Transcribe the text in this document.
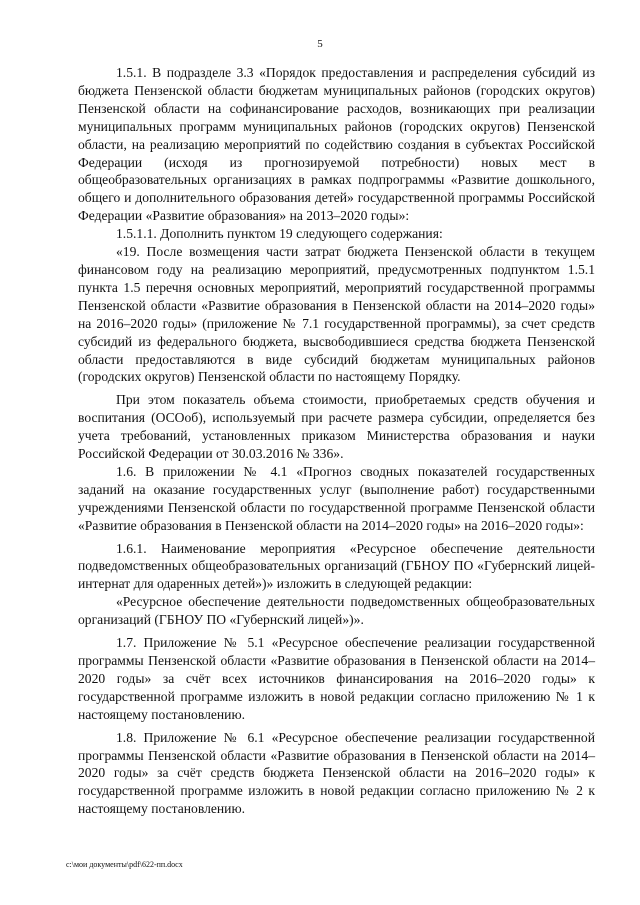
5

1.5.1. В подразделе 3.3 «Порядок предоставления и распределения субсидий из бюджета Пензенской области бюджетам муниципальных районов (городских округов) Пензенской области на софинансирование расходов, возникающих при реализации муниципальных программ муниципальных районов (городских округов) Пензенской области, на реализацию мероприятий по содействию создания в субъектах Российской Федерации (исходя из прогнозируемой потребности) новых мест в общеобразовательных организациях в рамках подпрограммы «Развитие дошкольного, общего и дополнительного образования детей» государственной программы Российской Федерации «Развитие образования» на 2013–2020 годы»:

1.5.1.1. Дополнить пунктом 19 следующего содержания:

«19. После возмещения части затрат бюджета Пензенской области в текущем финансовом году на реализацию мероприятий, предусмотренных подпунктом 1.5.1 пункта 1.5 перечня основных мероприятий, мероприятий государственной программы Пензенской области «Развитие образования в Пензенской области на 2014–2020 годы» на 2016–2020 годы» (приложение № 7.1 государственной программы), за счет средств субсидий из федерального бюджета, высвободившиеся средства бюджета Пензенской области предоставляются в виде субсидий бюджетам муниципальных районов (городских округов) Пензенской области по настоящему Порядку.

При этом показатель объема стоимости, приобретаемых средств обучения и воспитания (ОСОоб), используемый при расчете размера субсидии, определяется без учета требований, установленных приказом Министерства образования и науки Российской Федерации от 30.03.2016 № 336».

1.6. В приложении № 4.1 «Прогноз сводных показателей государственных заданий на оказание государственных услуг (выполнение работ) государственными учреждениями Пензенской области по государственной программе Пензенской области «Развитие образования в Пензенской области на 2014–2020 годы» на 2016–2020 годы»:

1.6.1. Наименование мероприятия «Ресурсное обеспечение деятельности подведомственных общеобразовательных организаций (ГБНОУ ПО «Губернский лицей-интернат для одаренных детей»)» изложить в следующей редакции:

«Ресурсное обеспечение деятельности подведомственных общеобразовательных организаций (ГБНОУ ПО «Губернский лицей»)».

1.7. Приложение № 5.1 «Ресурсное обеспечение реализации государственной программы Пензенской области «Развитие образования в Пензенской области на 2014–2020 годы» за счёт всех источников финансирования на 2016–2020 годы» к государственной программе изложить в новой редакции согласно приложению № 1 к настоящему постановлению.

1.8. Приложение № 6.1 «Ресурсное обеспечение реализации государственной программы Пензенской области «Развитие образования в Пензенской области на 2014–2020 годы» за счёт средств бюджета Пензенской области на 2016–2020 годы» к государственной программе изложить в новой редакции согласно приложению № 2 к настоящему постановлению.

c:\мои документы\pdf\622-пп.docx
